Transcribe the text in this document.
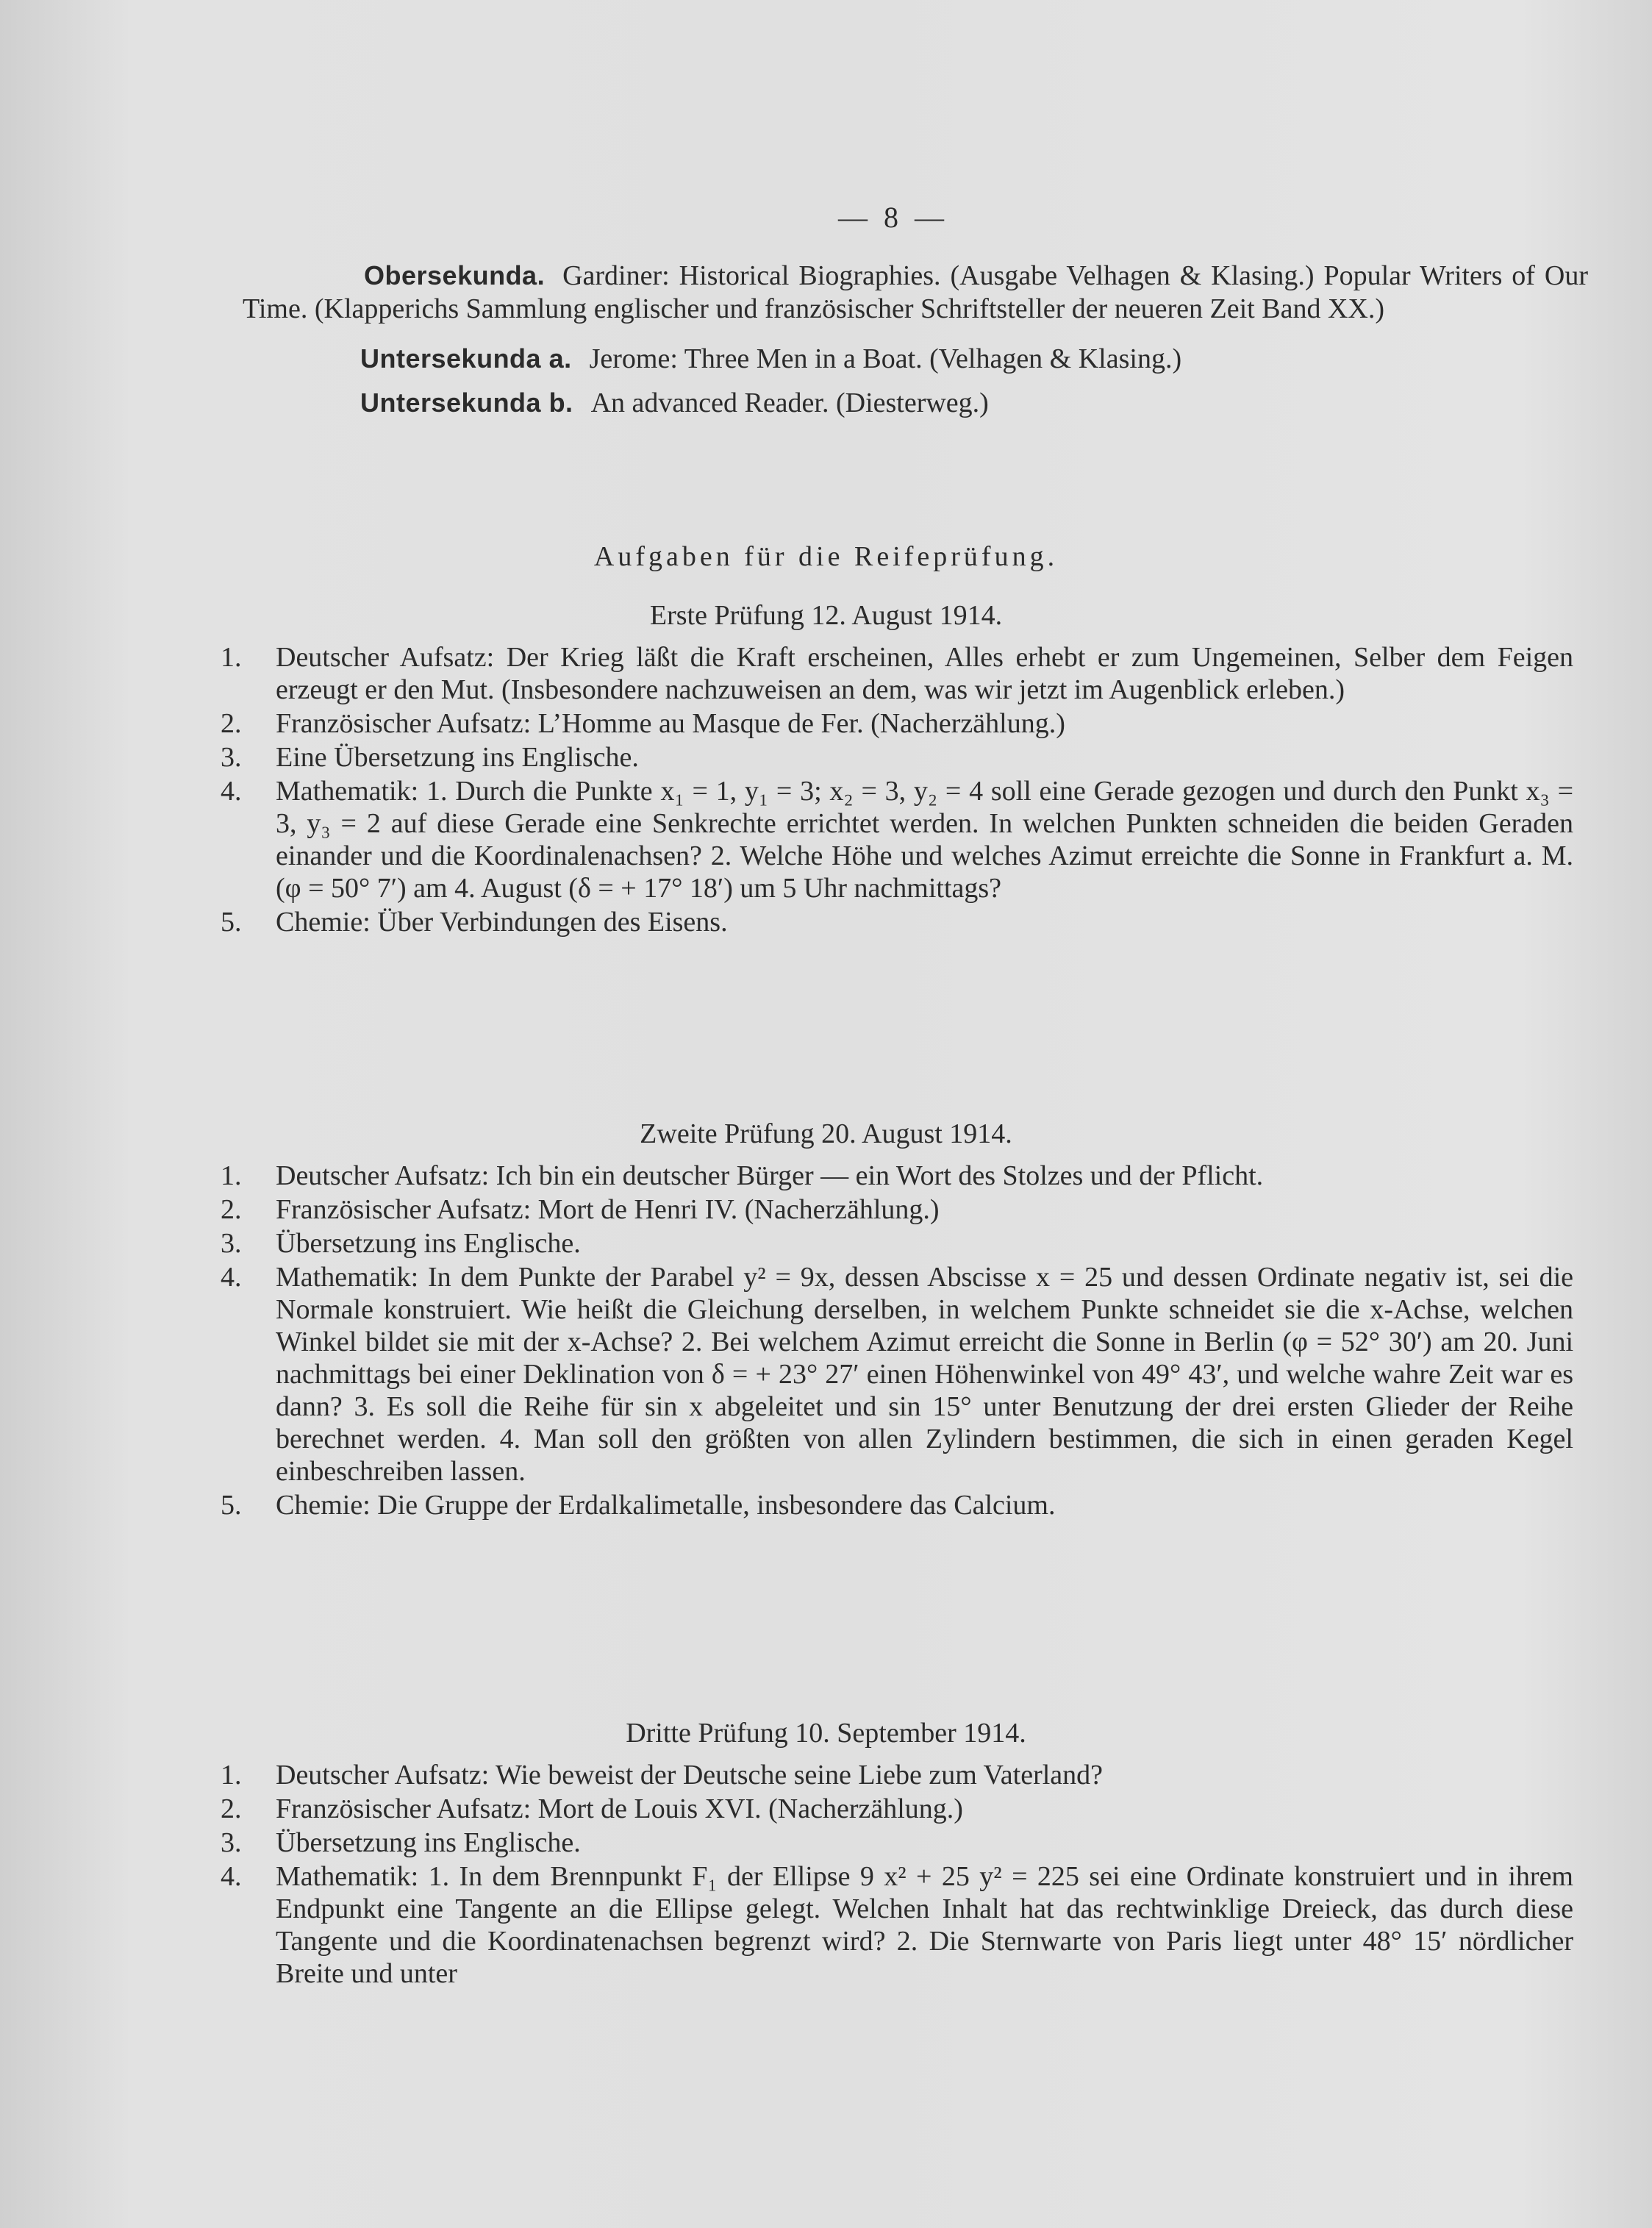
— 8 —

Obersekunda. Gardiner: Historical Biographies. (Ausgabe Velhagen & Klasing.) Popular Writers of Our Time. (Klapperichs Sammlung englischer und französischer Schriftsteller der neueren Zeit Band XX.)

Untersekunda a. Jerome: Three Men in a Boat. (Velhagen & Klasing.)

Untersekunda b. An advanced Reader. (Diesterweg.)

Aufgaben für die Reifeprüfung.
Erste Prüfung 12. August 1914.
1. Deutscher Aufsatz: Der Krieg läßt die Kraft erscheinen, Alles erhebt er zum Ungemeinen, Selber dem Feigen erzeugt er den Mut. (Insbesondere nachzuweisen an dem, was wir jetzt im Augenblick erleben.)
2. Französischer Aufsatz: L’Homme au Masque de Fer. (Nacherzählung.)
3. Eine Übersetzung ins Englische.
4. Mathematik: 1. Durch die Punkte x₁ = 1, y₁ = 3; x₂ = 3, y₂ = 4 soll eine Gerade gezogen und durch den Punkt x₃ = 3, y₃ = 2 auf diese Gerade eine Senkrechte errichtet werden. In welchen Punkten schneiden die beiden Geraden einander und die Koordinalenachsen? 2. Welche Höhe und welches Azimut erreichte die Sonne in Frankfurt a. M. (φ = 50° 7′) am 4. August (δ = + 17° 18′) um 5 Uhr nachmittags?
5. Chemie: Über Verbindungen des Eisens.
Zweite Prüfung 20. August 1914.
1. Deutscher Aufsatz: Ich bin ein deutscher Bürger — ein Wort des Stolzes und der Pflicht.
2. Französischer Aufsatz: Mort de Henri IV. (Nacherzählung.)
3. Übersetzung ins Englische.
4. Mathematik: In dem Punkte der Parabel y² = 9x, dessen Abscisse x = 25 und dessen Ordinate negativ ist, sei die Normale konstruiert. Wie heißt die Gleichung derselben, in welchem Punkte schneidet sie die x-Achse, welchen Winkel bildet sie mit der x-Achse? 2. Bei welchem Azimut erreicht die Sonne in Berlin (φ = 52° 30′) am 20. Juni nachmittags bei einer Deklination von δ = + 23° 27′ einen Höhenwinkel von 49° 43′, und welche wahre Zeit war es dann? 3. Es soll die Reihe für sin x abgeleitet und sin 15° unter Benutzung der drei ersten Glieder der Reihe berechnet werden. 4. Man soll den größten von allen Zylindern bestimmen, die sich in einen geraden Kegel einbeschreiben lassen.
5. Chemie: Die Gruppe der Erdalkalimetalle, insbesondere das Calcium.
Dritte Prüfung 10. September 1914.
1. Deutscher Aufsatz: Wie beweist der Deutsche seine Liebe zum Vaterland?
2. Französischer Aufsatz: Mort de Louis XVI. (Nacherzählung.)
3. Übersetzung ins Englische.
4. Mathematik: 1. In dem Brennpunkt F₁ der Ellipse 9 x² + 25 y² = 225 sei eine Ordinate konstruiert und in ihrem Endpunkt eine Tangente an die Ellipse gelegt. Welchen Inhalt hat das rechtwinklige Dreieck, das durch diese Tangente und die Koordinatenachsen begrenzt wird? 2. Die Sternwarte von Paris liegt unter 48° 15′ nördlicher Breite und unter
